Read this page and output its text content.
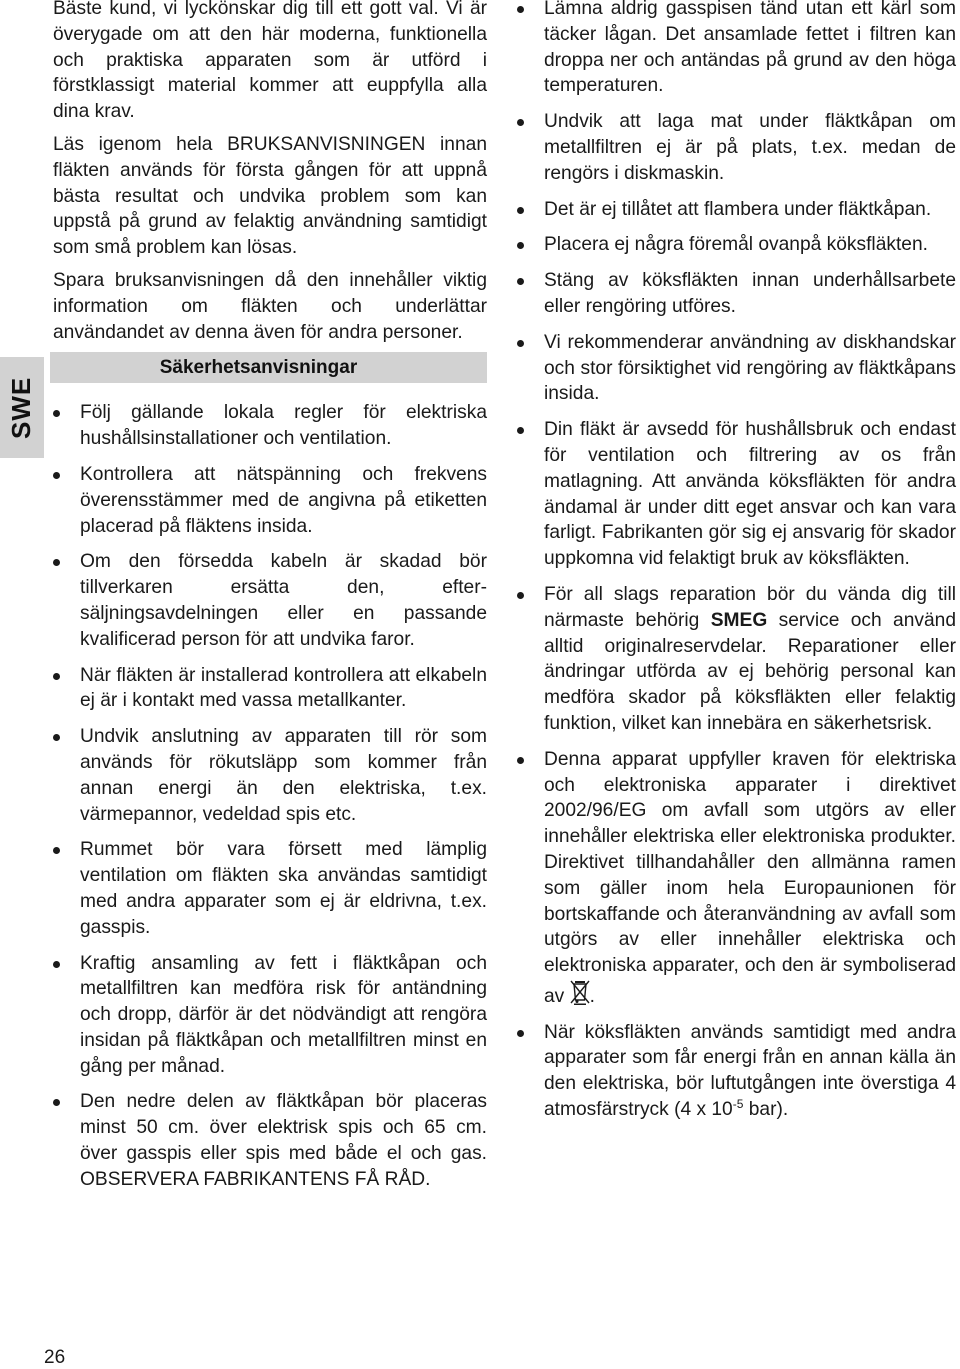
SWE

Bäste kund, vi lyckönskar dig till ett gott val. Vi är överygade om att den här moderna, funktionella och praktiska apparaten som är utförd i förstklassigt material kommer att euppfylla alla dina krav.

Läs igenom hela BRUKSANVISNINGEN innan fläkten används för första gången för att uppnå bästa resultat och undvika problem som kan uppstå på grund av felaktig användning samtidigt som små problem kan lösas.

Spara bruksanvisningen då den innehåller viktig information om fläkten och underlättar användandet av denna även för andra personer.

Säkerhetsanvisningar
Följ gällande lokala regler för elektriska hushållsinstallationer och ventilation.
Kontrollera att nätspänning och frekvens överensstämmer med de angivna på etiketten placerad på fläktens insida.
Om den försedda kabeln är skadad bör tillverkaren ersätta den, efter- säljningsavdelningen eller en passande kvalificerad person för att undvika faror.
När fläkten är installerad kontrollera att elkabeln ej är i kontakt med vassa metallkanter.
Undvik anslutning av apparaten till rör som används för rökutsläpp som kommer från annan energi än den elektriska, t.ex. värmepannor, vedeldad spis etc.
Rummet bör vara försett med lämplig ventilation om fläkten ska användas samtidigt med andra apparater som ej är eldrivna, t.ex. gasspis.
Kraftig ansamling av fett i fläktkåpan och metallfiltren kan medföra risk för antändning och dropp, därför är det nödvändigt att rengöra insidan på fläktkåpan och metallfiltren minst en gång per månad.
Den nedre delen av fläktkåpan bör placeras minst 50 cm. över elektrisk spis och 65 cm. över gasspis eller spis med både el och gas. OBSERVERA FABRIKANTENS FÅ RÅD.
Lämna aldrig gasspisen tänd utan ett kärl som täcker lågan. Det ansamlade fettet i filtren kan droppa ner och antändas på grund av den höga temperaturen.
Undvik att laga mat under fläktkåpan om metallfiltren ej är på plats, t.ex. medan de rengörs i diskmaskin.
Det är ej tillåtet att flambera under fläktkåpan.
Placera ej några föremål ovanpå köksfläkten.
Stäng av köksfläkten innan underhållsarbete eller rengöring utföres.
Vi rekommenderar användning av diskhandskar och stor försiktighet vid rengöring av fläktkåpans insida.
Din fläkt är avsedd för hushållsbruk och endast för ventilation och filtrering av os från matlagning. Att använda köksfläkten för andra ändamal är under ditt eget ansvar och kan vara farligt. Fabrikanten gör sig ej ansvarig för skador uppkomna vid felaktigt bruk av köksfläkten.
För all slags reparation bör du vända dig till närmaste behörig SMEG service och använd alltid originalreservdelar. Reparationer eller ändringar utförda av ej behörig personal kan medföra skador på köksfläkten eller felaktig funktion, vilket kan innebära en säkerhetsrisk.
Denna apparat uppfyller kraven för elektriska och elektroniska apparater i direktivet 2002/96/EG om avfall som utgörs av eller innehåller elektriska eller elektroniska produkter. Direktivet tillhandahåller den allmänna ramen som gäller inom hela Europaunionen för bortskaffande och återanvändning av avfall som utgörs av eller innehåller elektriska och elektroniska apparater, och den är symboliserad av .
När köksfläkten används samtidigt med andra apparater som får energi från en annan källa än den elektriska, bör luftutgången inte överstiga 4 atmosfärstryck (4 x $10^{-5}$ bar).
26
